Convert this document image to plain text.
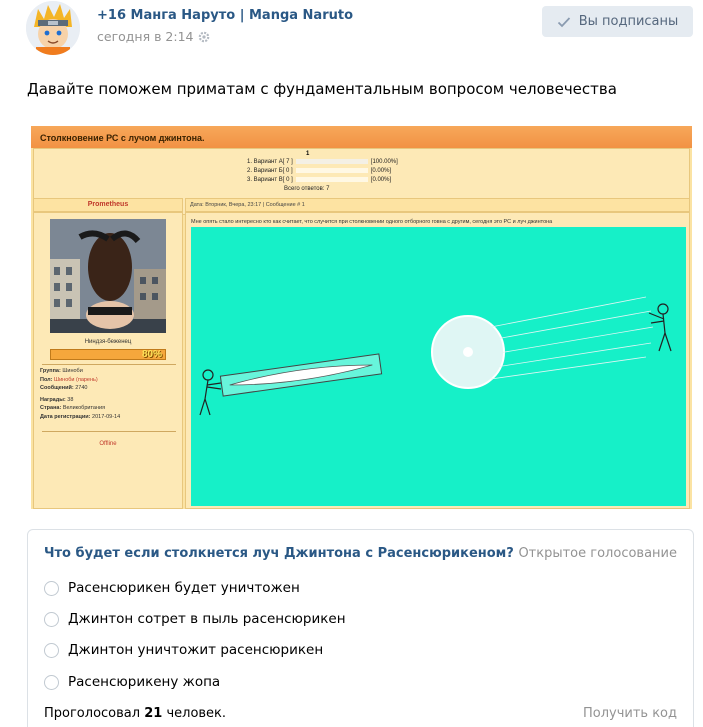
+16 Манга Наруто | Manga Naruto
сегодня в 2:14
Вы подписаны
Давайте поможем приматам с фундаментальным вопросом человечества
Столкновение РС с лучом джинтона.
1
1. Вариант А[ 7 ]	[100.00%]
2. Вариант Б[ 0 ]	[0.00%]
3. Вариант В[ 0 ]	[0.00%]
Всего ответов: 7
Prometheus	Дата: Вторник, Вчера, 23:17 | Сообщение # 1
Ниндзя-беженец
80%
Группа: Шиноби
Пол: Шиноби (парень)
Сообщений: 2740
Награды: 38
Страна: Великобритания
Дата регистрации: 2017-09-14
Offline
Мне опять стало интересно кто как считает, что случится при столкновении одного отборного говна с другим, сегодня это РС и луч джинтона
Что будет если столкнется луч Джинтона с Расенсюрикеном? Открытое голосование
Расенсюрикен будет уничтожен
Джинтон сотрет в пыль расенсюрикен
Джинтон уничтожит расенсюрикен
Расенсюрикену жопа
Проголосовал 21 человек.	Получить код
